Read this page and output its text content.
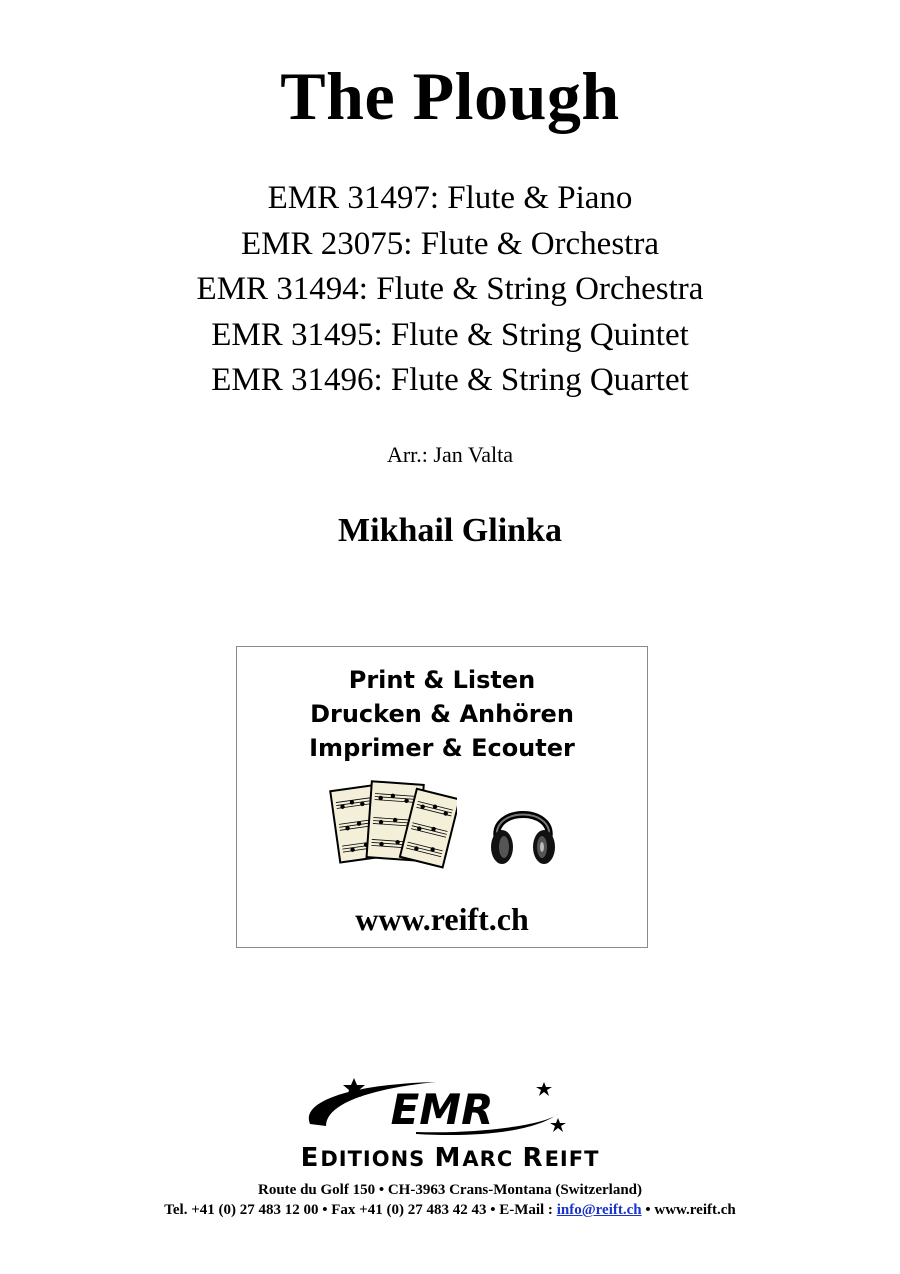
The Plough
EMR 31497: Flute & Piano
EMR 23075: Flute & Orchestra
EMR 31494: Flute & String Orchestra
EMR 31495: Flute & String Quintet
EMR 31496: Flute & String Quartet
Arr.: Jan Valta
Mikhail Glinka
Print & Listen
Drucken & Anhören
Imprimer & Ecouter
www.reift.ch
EMR
EDITIONS MARC REIFT
Route du Golf 150 • CH-3963 Crans-Montana (Switzerland)
Tel. +41 (0) 27 483 12 00 • Fax +41 (0) 27 483 42 43 • E-Mail : info@reift.ch • www.reift.ch
